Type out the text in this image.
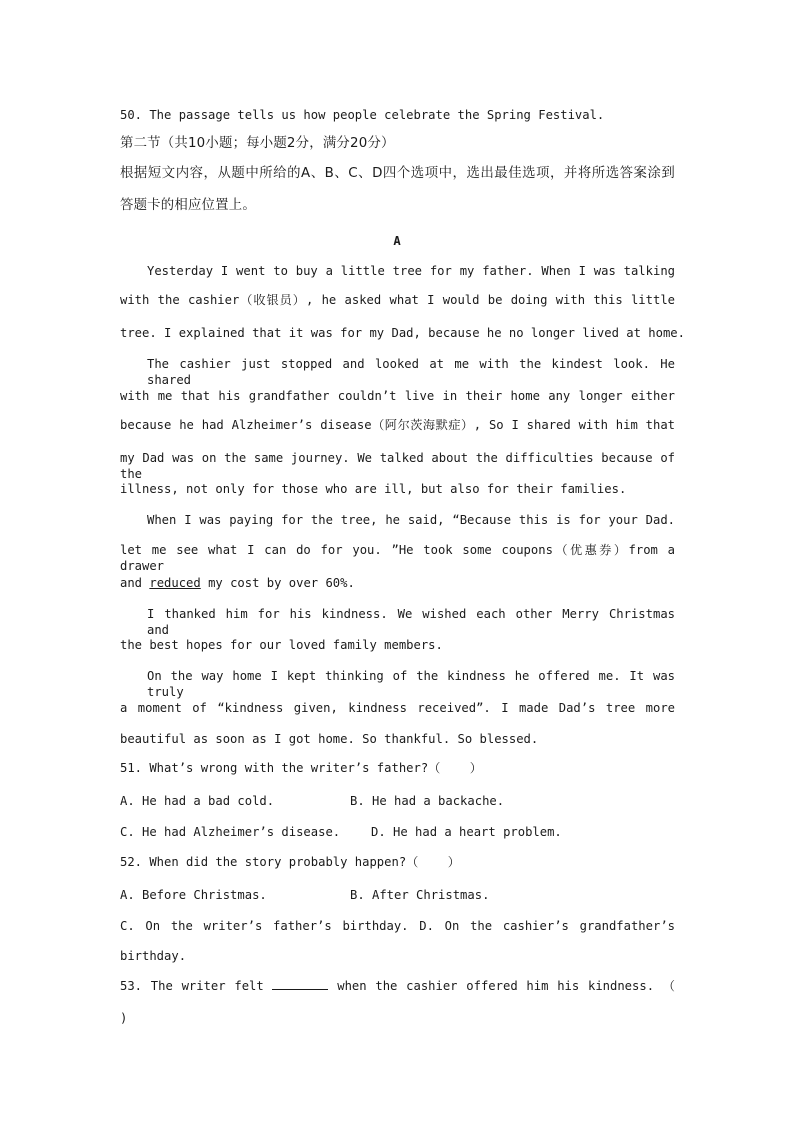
50. The passage tells us how people celebrate the Spring Festival.
第二节（共10小题；每小题2分，满分20分）
根据短文内容，从题中所给的A、B、C、D四个选项中，选出最佳选项，并将所选答案涂到
答题卡的相应位置上。
A
Yesterday I went to buy a little tree for my father. When I was talking
with the cashier（收银员）, he asked what I would be doing with this little
tree. I explained that it was for my Dad, because he no longer lived at home.
The cashier just stopped and looked at me with the kindest look. He shared
with me that his grandfather couldn’t live in their home any longer either
because he had Alzheimer’s disease（阿尔茨海默症）, So I shared with him that
my Dad was on the same journey. We talked about the difficulties because of the
illness, not only for those who are ill, but also for their families.
When I was paying for the tree, he said, “Because this is for your Dad.
let me see what I can do for you. ”He took some coupons（优惠券）from a drawer
and reduced my cost by over 60%.
I thanked him for his kindness. We wished each other Merry Christmas and
the best hopes for our loved family members.
On the way home I kept thinking of the kindness he offered me. It was truly
a moment of “kindness given, kindness received”. I made Dad’s tree more
beautiful as soon as I got home. So thankful. So blessed.
51. What’s wrong with the writer’s father?（    ）
A. He had a bad cold.	B. He had a backache.
C. He had Alzheimer’s disease.	D. He had a heart problem.
52. When did the story probably happen?（    ）
A. Before Christmas.	B. After Christmas.
C. On the writer’s father’s birthday. D. On the cashier’s grandfather’s
birthday.
53. The writer felt	when the cashier offered him his kindness. （
)
